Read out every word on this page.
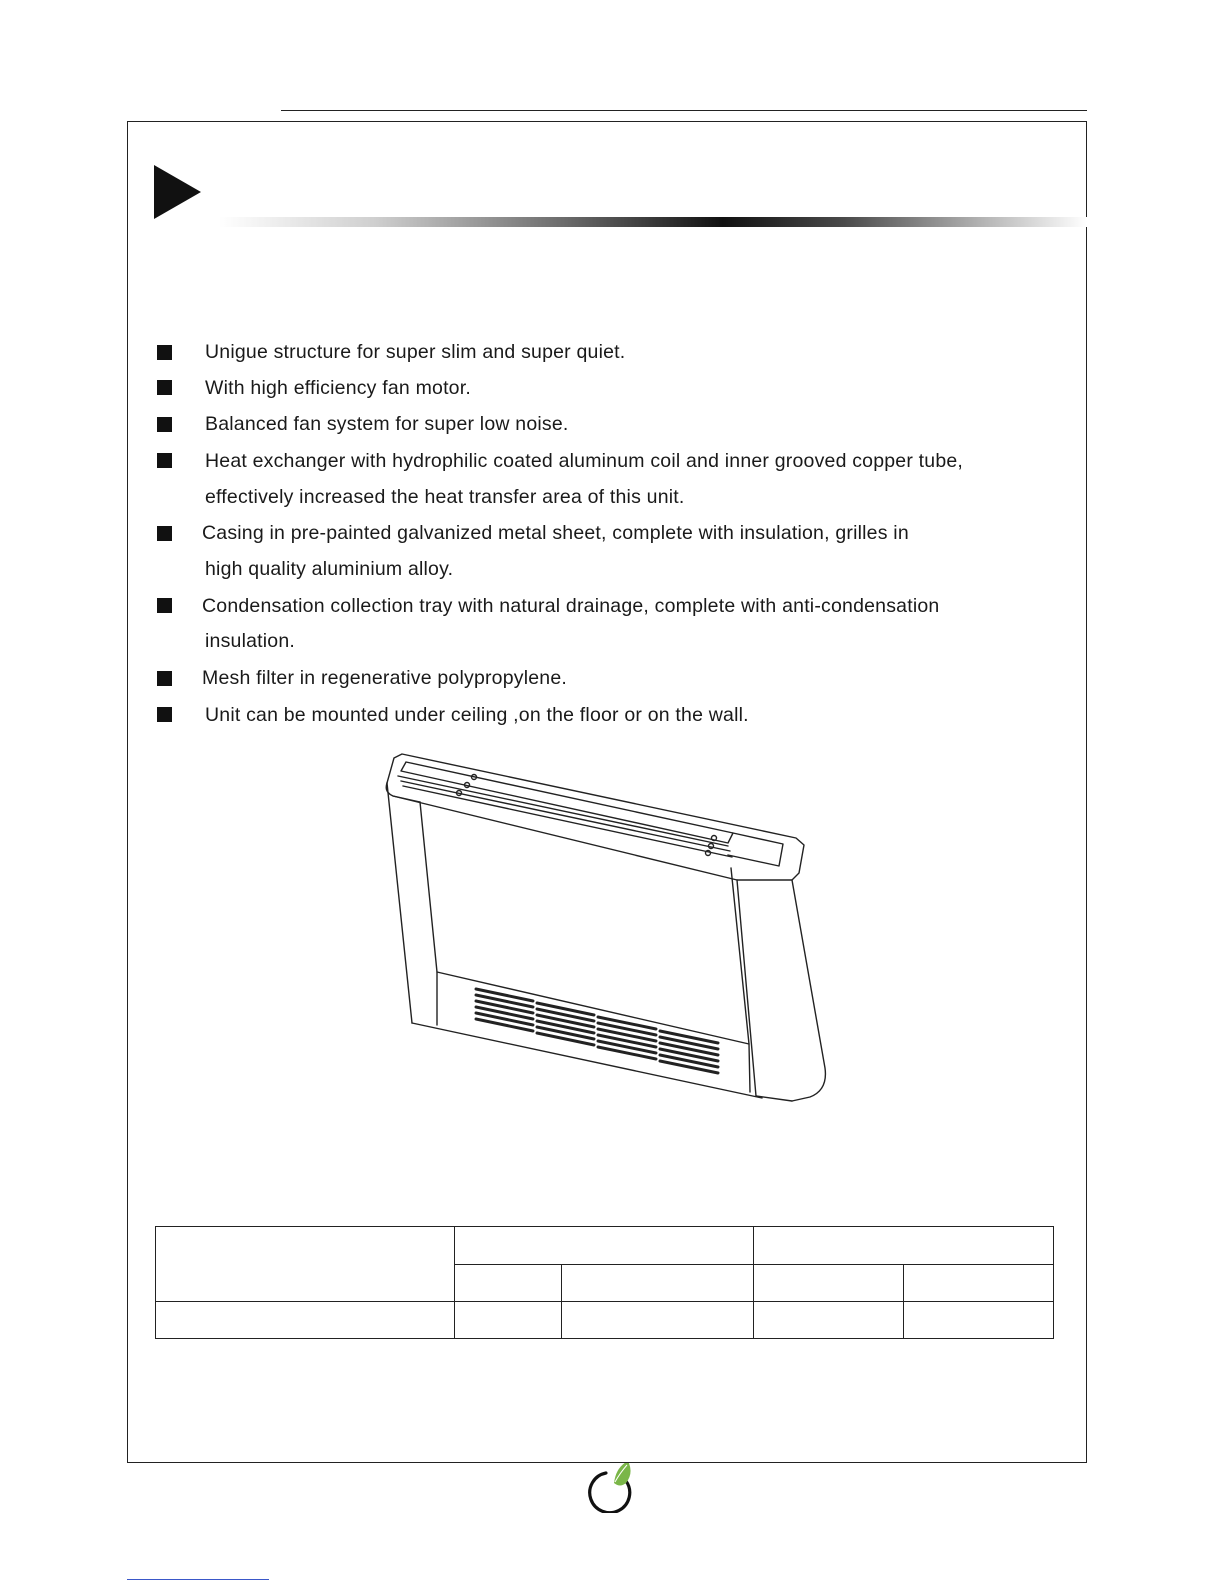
Unigue structure for super slim and super quiet.
With high efficiency fan motor.
Balanced fan system for super low noise.
Heat exchanger with hydrophilic coated aluminum coil and inner grooved copper tube,
effectively increased the heat transfer area of this unit.
Casing in pre-painted galvanized metal sheet, complete with insulation, grilles in
high quality aluminium alloy.
Condensation collection tray with natural drainage, complete with anti-condensation
insulation.
Mesh filter in regenerative polypropylene.
Unit can be mounted under ceiling ,on the floor or on the wall.
